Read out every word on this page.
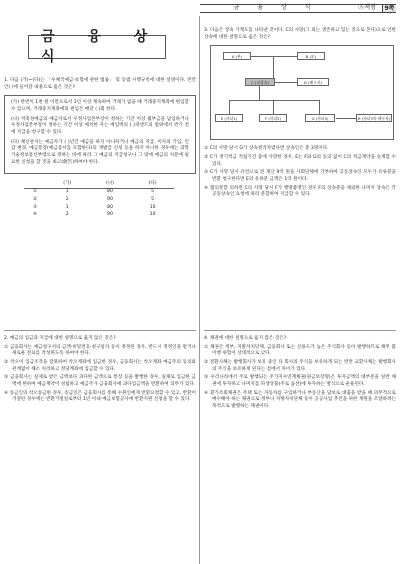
금 융 상 식	Ⓐ책형	9쪽
금 융 상 식

1. 다음 (가)~(다)는 「우체국예금·보험에 관한 법률」 및 동법 시행규칙에 대한 설명이다. 빈칸 안( )에 들어갈 내용으로 옳은 것은?

(가) 한번이 1천 원 이만으로서 1년 이상 계속하여 거래가 없을 때 거래중지계좌에 편입할 수 있으며, 거래중지계좌에의 편입은 매년 ( )회 한다.

(나) 저축성예금의 예금자로서 우정사업본부장이 정하는 기간 이상 월부금을 납입하거나 우정사업본부장이 정하는 기간 이상 예치한 자는 예입액의 ( )퍼센트의 범위에서 반기 전에 지급을 청구할 수 있다.

(다) 체신관서는 예금자가 ( )년간 예금을 하지 아니하거나 예금의 지급, 이자의 기입, 인감 변경, 예금통장(예금증서를 포함한다)의 재발급 신청 등을 하지 아니한 경우에는 과학기술정보통신부령으로 정하는 바에 따라 그 예금의 지급청구나 그 밖에 예금의 처분에 필요한 신청을 할 것을 최고(催告)하여야 한다.

	(가)	(나)	(다)
①	1	80	5
②	2	90	5
③	1	80	10
④	2	90	10

2. 예금의 입금과 지급에 대한 설명으로 옳지 않은 것은?

① 금융회사는 예금청구서의 금액·비밀번호·청구일자 등이 정정된 경우, 반드시 정정인을 받거나 새로운 전표를 작성하도록 하여야 한다.

② 착오이 입금조작을 잘못하여 착오계좌에 입금한 경우, 금융회사는 착오계좌 예금주의 동의와 관계없이 해소 처리하고 정당계좌에 입금할 수 있다.

③ 금융회사는 실제로 받은 금액보다 과다한 금액으로 통장 등을 발행한 경우, 실제로 입금한 금액에 한하여 예금계약이 성립하고 예금주가 금융회사에 과다입금액을 반환하여 의무가 있다.

④ 송금인의 착오송금한 경우, 송금인은 금융회사를 통해 수취인에게 반환요청할 수 있고, 반환이 거절된 경우에는 반환거절일로부터 1년 이내 예금보험공사에 반환지원 신청을 할 수 있다.

3. 다음은 상속 가계도를 나타낸 것이다. C의 사망(그 외는 생존하고 있는 것으로 본다)으로 인한 상속에 대한 설명으로 옳은 것은?

A (부)	B (모)
C (피상속)	D (배우자)
E (자녀1)	F (자녀2)	G (자녀3)	H (자녀3의 배우자)

① C의 사망 당시 G가 상속결격자였다면 상속인은 총 3명이다.

② C가 정기적금 적립기간 중에 사망한 경우, E는 F와 G의 동의 없이 C의 적금계약을 승계할 수 있다.

③ C가 사망 당시 유언으로 전 재산 9억 원을 사회단체에 기부하여 공동상속인 모두가 유류분을 반환 청구한다면 E의 유류분 금액은 1억 원이다.

④ 협의분할 의하면 C의 사망 당시 F가 행방불명인 경우 F의 상속분을 제외한 나머지 상속은 각 공동상속인 요청에 따라 분할하여 지급할 수 있다.

4. 채권에 대한 설명으로 옳지 않은 것은?

① 채권은 정부, 지방자치단체, 금융회사 또는 신용도가 높은 주식회사 등이 발행하므로 채무 불이행 위험이 상대적으로 낮다.

② 전환사채는 발행회사가 보유 중인 타 회사의 주식을 보유하게 되는 반면 교환사채는 발행회사의 주식을 보유하게 된다는 점에서 차이가 있다.

③ 우리나라에서 주로 발행되는 주가지수연계채권(원금보장형)은 투자금액의 대부분을 일반 채권에 투자하고 나머지를 파생상품(주로 옵션)에 투자하는 방식으로 운용된다.

④ 환가조회채권은 주택 또는 자동차를 구입하거나 부동산을 담보로 대출을 받을 때 의무적으로 매수해야 하는 채권으로 정부나 지방자치단체 등이 공공사업 추진을 위한 재원을 조달하려는 목적으로 발행하는 채권이다.
